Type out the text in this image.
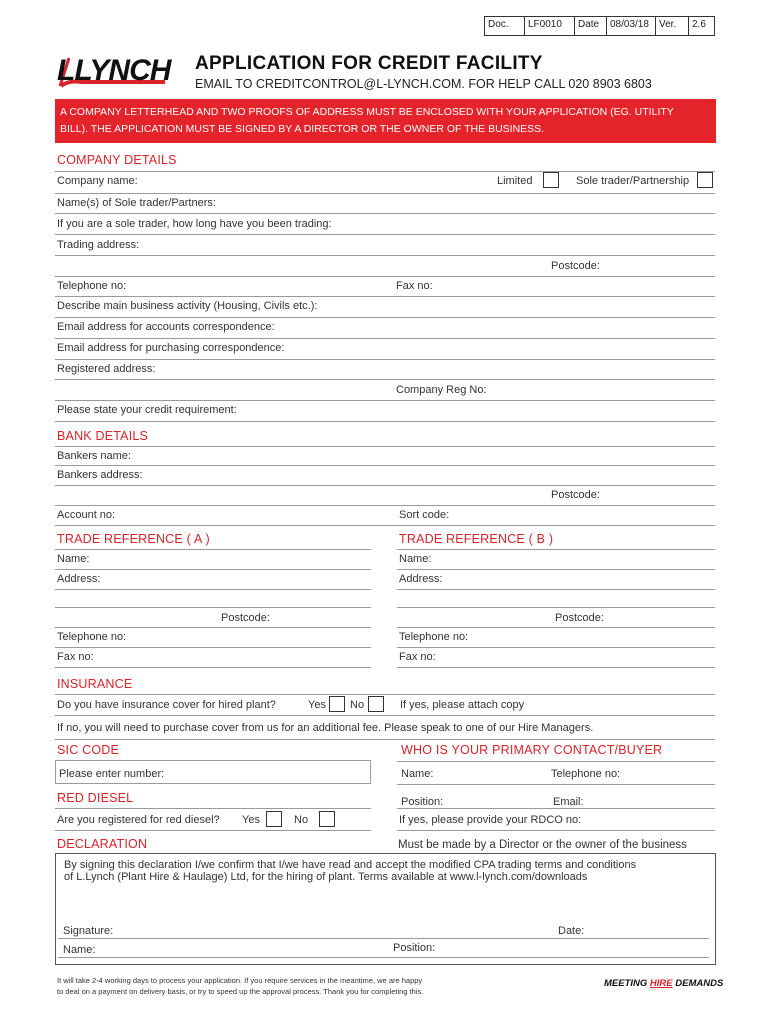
Doc.	LF0010	Date	08/03/18	Ver.	2.6
LLYNCH APPLICATION FOR CREDIT FACILITY
EMAIL TO CREDITCONTROL@L-LYNCH.COM. FOR HELP CALL 020 8903 6803
A COMPANY LETTERHEAD AND TWO PROOFS OF ADDRESS MUST BE ENCLOSED WITH YOUR APPLICATION (EG. UTILITY
BILL). THE APPLICATION MUST BE SIGNED BY A DIRECTOR OR THE OWNER OF THE BUSINESS.
COMPANY DETAILS
Company name:	Limited	Sole trader/Partnership
Name(s) of Sole trader/Partners:
If you are a sole trader, how long have you been trading:
Trading address:
Postcode:
Telephone no:	Fax no:
Describe main business activity (Housing, Civils etc.):
Email address for accounts correspondence:
Email address for purchasing correspondence:
Registered address:
Company Reg No:
Please state your credit requirement:
BANK DETAILS
Bankers name:
Bankers address:
Postcode:
Account no:	Sort code:
TRADE REFERENCE ( A )
Name:
Address:
Postcode:
Telephone no:
Fax no:
TRADE REFERENCE ( B )
Name:
Address:
Postcode:
Telephone no:
Fax no:
INSURANCE
Do you have insurance cover for hired plant?	Yes No	If yes, please attach copy
If no, you will need to purchase cover from us for an additional fee. Please speak to one of our Hire Managers.
SIC CODE
Please enter number:
WHO IS YOUR PRIMARY CONTACT/BUYER
Name:	Telephone no:
Position:	Email:
If yes, please provide your RDCO no:
RED DIESEL
Are you registered for red diesel? Yes	No
DECLARATION	Must be made by a Director or the owner of the business
By signing this declaration I/we confirm that I/we have read and accept the modified CPA trading terms and conditions
of L.Lynch (Plant Hire & Haulage) Ltd, for the hiring of plant. Terms available at www.l-lynch.com/downloads
Signature:	Date:
Name:	Position:
It will take 2-4 working days to process your application. If you require services in the meantime, we are happy
to deal on a payment on delivery basis, or try to speed up the approval process. Thank you for completing this.
MEETING HIRE DEMANDS
